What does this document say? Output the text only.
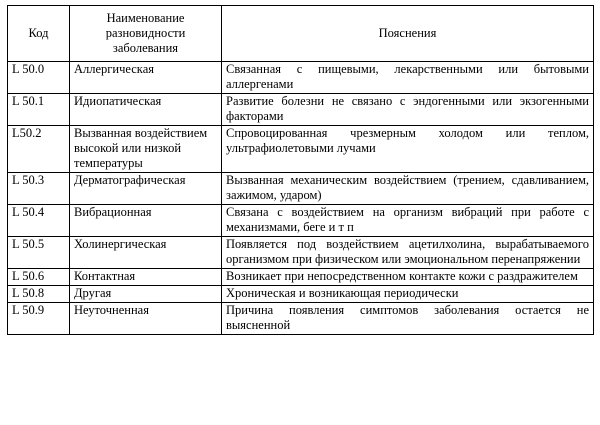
Код	Наименование разновидности заболевания	Пояснения
L 50.0	Аллергическая	Связанная с пищевыми, лекарственными или бытовыми аллергенами
L 50.1	Идиопатическая	Развитие болезни не связано с эндогенными или экзогенными факторами
L50.2	Вызванная воздействием высокой или низкой температуры	Спровоцированная чрезмерным холодом или теплом, ультрафиолетовыми лучами
L 50.3	Дерматографическая	Вызванная механическим воздействием (трением, сдавливанием, зажимом, ударом)
L 50.4	Вибрационная	Связана с воздействием на организм вибраций при работе с механизмами, беге и т п
L 50.5	Холинергическая	Появляется под воздействием ацетилхолина, вырабатываемого организмом при физическом или эмоциональном перенапряжении
L 50.6	Контактная	Возникает при непосредственном контакте кожи с раздражителем
L 50.8	Другая	Хроническая и возникающая периодически
L 50.9	Неуточненная	Причина появления симптомов заболевания остается не выясненной
